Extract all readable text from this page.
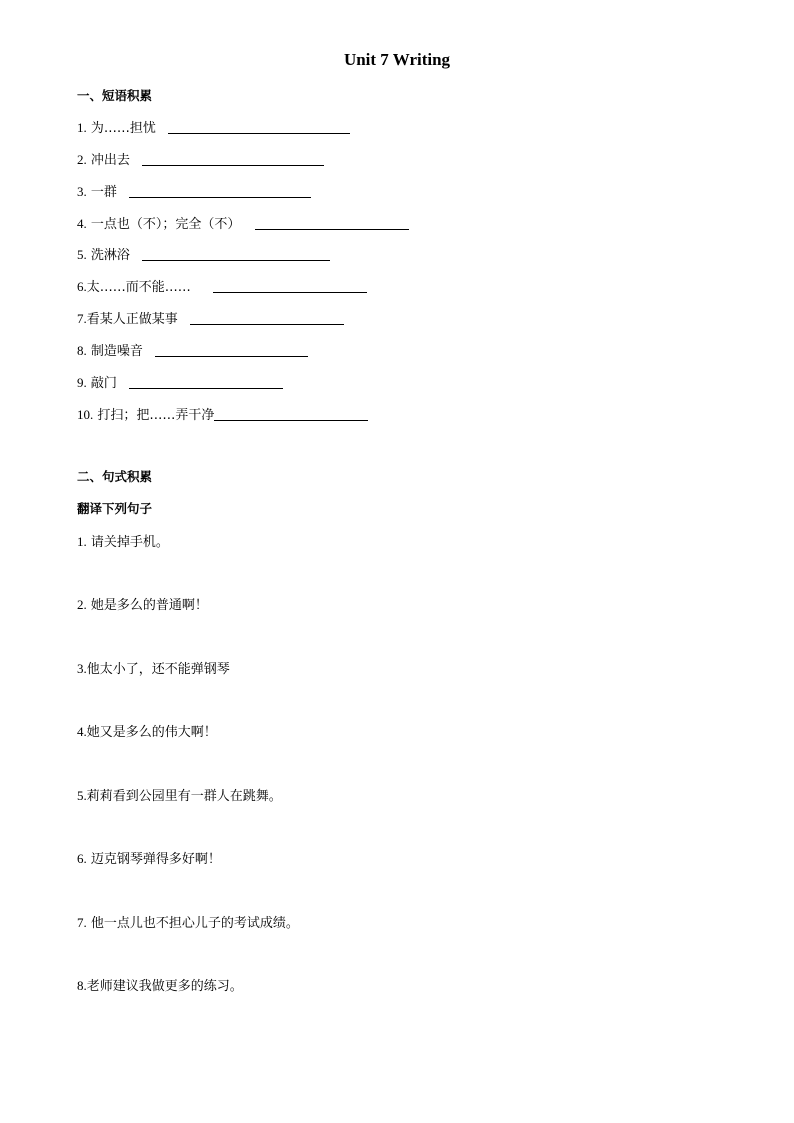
Unit 7 Writing
一、短语积累
1. 为……担忧
2. 冲出去
3. 一群
4. 一点也（不）；完全（不）
5. 洗淋浴
6.太……而不能……
7.看某人正做某事
8. 制造噪音
9. 敲门
10. 打扫；把……弄干净
二、句式积累
翻译下列句子
1. 请关掉手机。
2. 她是多么的普通啊！
3.他太小了，还不能弹钢琴
4.她又是多么的伟大啊！
5.莉莉看到公园里有一群人在跳舞。
6. 迈克钢琴弹得多好啊！
7. 他一点儿也不担心儿子的考试成绩。
8.老师建议我做更多的练习。
